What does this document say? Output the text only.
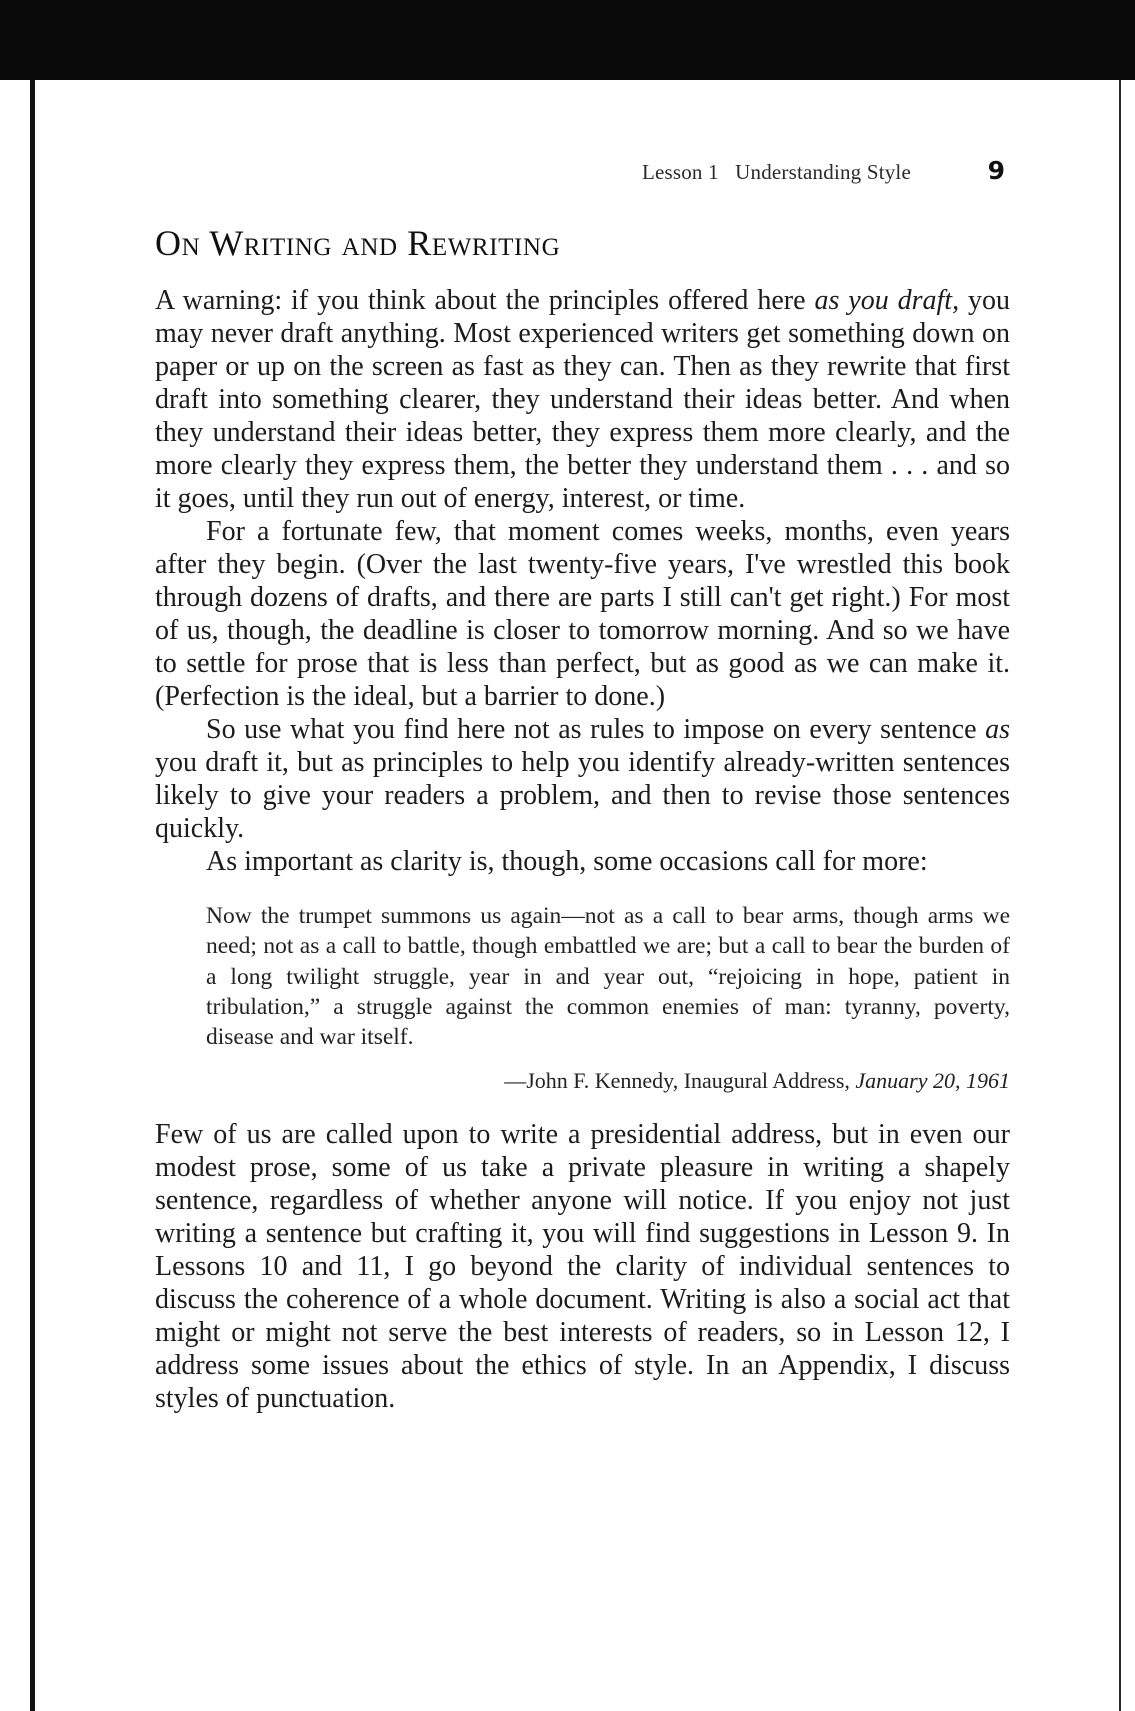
Lesson 1   Understanding Style	9
On Writing and Rewriting

A warning: if you think about the principles offered here as you draft, you may never draft anything. Most experienced writers get something down on paper or up on the screen as fast as they can. Then as they rewrite that first draft into something clearer, they understand their ideas better. And when they understand their ideas better, they express them more clearly, and the more clearly they express them, the better they understand them . . . and so it goes, until they run out of energy, interest, or time.

For a fortunate few, that moment comes weeks, months, even years after they begin. (Over the last twenty-five years, I've wrestled this book through dozens of drafts, and there are parts I still can't get right.) For most of us, though, the deadline is closer to tomorrow morning. And so we have to settle for prose that is less than perfect, but as good as we can make it. (Perfection is the ideal, but a barrier to done.)

So use what you find here not as rules to impose on every sentence as you draft it, but as principles to help you identify already-written sentences likely to give your readers a problem, and then to revise those sentences quickly.

As important as clarity is, though, some occasions call for more:

Now the trumpet summons us again—not as a call to bear arms, though arms we need; not as a call to battle, though embattled we are; but a call to bear the burden of a long twilight struggle, year in and year out, “rejoicing in hope, patient in tribulation,” a struggle against the common enemies of man: tyranny, poverty, disease and war itself.
—John F. Kennedy, Inaugural Address, January 20, 1961

Few of us are called upon to write a presidential address, but in even our modest prose, some of us take a private pleasure in writing a shapely sentence, regardless of whether anyone will notice. If you enjoy not just writing a sentence but crafting it, you will find suggestions in Lesson 9. In Lessons 10 and 11, I go beyond the clarity of individual sentences to discuss the coherence of a whole document. Writing is also a social act that might or might not serve the best interests of readers, so in Lesson 12, I address some issues about the ethics of style. In an Appendix, I discuss styles of punctuation.
